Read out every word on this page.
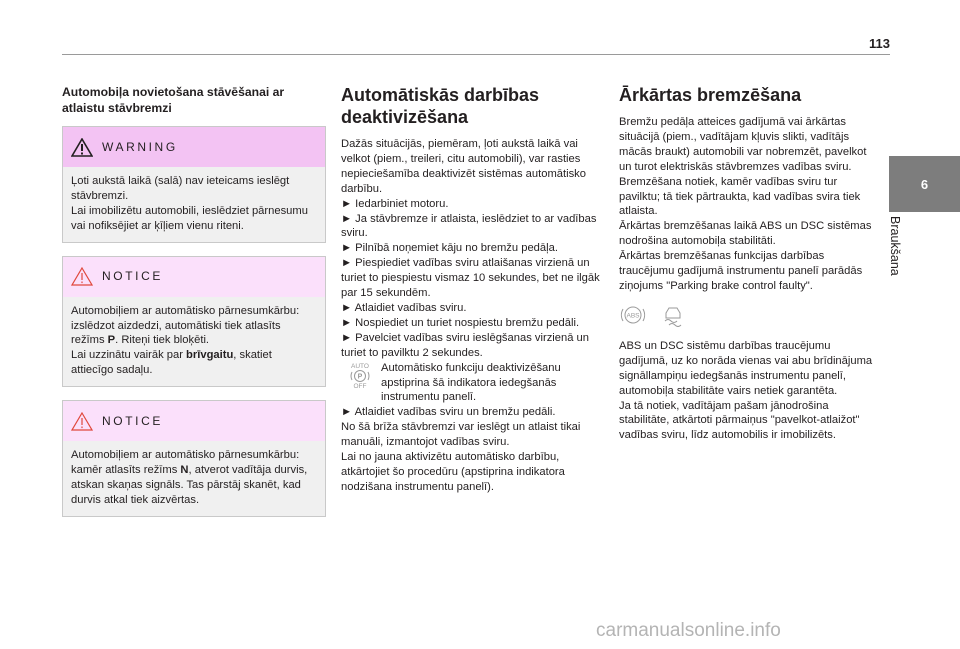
113
6
Braukšana
Automobiļa novietošana stāvēšanai ar atlaistu stāvbremzi
WARNING
Ļoti aukstā laikā (salā) nav ieteicams ieslēgt stāvbremzi.
Lai imobilizētu automobili, ieslēdziet pārnesumu vai nofiksējiet ar ķīļiem vienu riteni.
NOTICE
Automobiļiem ar automātisko pārnesumkārbu: izslēdzot aizdedzi, automātiski tiek atlasīts režīms P. Riteņi tiek bloķēti.
Lai uzzinātu vairāk par brīvgaitu, skatiet attiecīgo sadaļu.
NOTICE
Automobiļiem ar automātisko pārnesumkārbu: kamēr atlasīts režīms N, atverot vadītāja durvis, atskan skaņas signāls. Tas pārstāj skanēt, kad durvis atkal tiek aizvērtas.
Automātiskās darbības deaktivizēšana

Dažās situācijās, piemēram, ļoti aukstā laikā vai velkot (piem., treileri, citu automobili), var rasties nepieciešamība deaktivizēt sistēmas automātisko darbību.

► Iedarbiniet motoru.
► Ja stāvbremze ir atlaista, ieslēdziet to ar vadības sviru.
► Pilnībā noņemiet kāju no bremžu pedāļa.
► Piespiediet vadības sviru atlaišanas virzienā un turiet to piespiestu vismaz 10 sekundes, bet ne ilgāk par 15 sekundēm.
► Atlaidiet vadības sviru.
► Nospiediet un turiet nospiestu bremžu pedāli.
► Pavelciet vadības sviru ieslēgšanas virzienā un turiet to pavilktu 2 sekundes.

AUTO
P
OFF

Automātisko funkciju deaktivizēšanu apstiprina šā indikatora iedegšanās instrumentu panelī.

► Atlaidiet vadības sviru un bremžu pedāli.
No šā brīža stāvbremzi var ieslēgt un atlaist tikai manuāli, izmantojot vadības sviru.
Lai no jauna aktivizētu automātisko darbību, atkārtojiet šo procedūru (apstiprina indikatora nodzišana instrumentu panelī).

Ārkārtas bremzēšana

Bremžu pedāļa atteices gadījumā vai ārkārtas situācijā (piem., vadītājam kļuvis slikti, vadītājs mācās braukt) automobili var nobremzēt, pavelkot un turot elektriskās stāvbremzes vadības sviru. Bremzēšana notiek, kamēr vadības sviru tur pavilktu; tā tiek pārtraukta, kad vadības svira tiek atlaista.
Ārkārtas bremzēšanas laikā ABS un DSC sistēmas nodrošina automobiļa stabilitāti.
Ārkārtas bremzēšanas funkcijas darbības traucējumu gadījumā instrumentu panelī parādās ziņojums "Parking brake control faulty".

ABS

ABS un DSC sistēmu darbības traucējumu gadījumā, uz ko norāda vienas vai abu brīdinājuma signāllampiņu iedegšanās instrumentu panelī, automobiļa stabilitāte vairs netiek garantēta.
Ja tā notiek, vadītājam pašam jānodrošina stabilitāte, atkārtoti pārmaiņus "pavelkot-atlaižot" vadības sviru, līdz automobilis ir imobilizēts.

carmanualsonline.info
